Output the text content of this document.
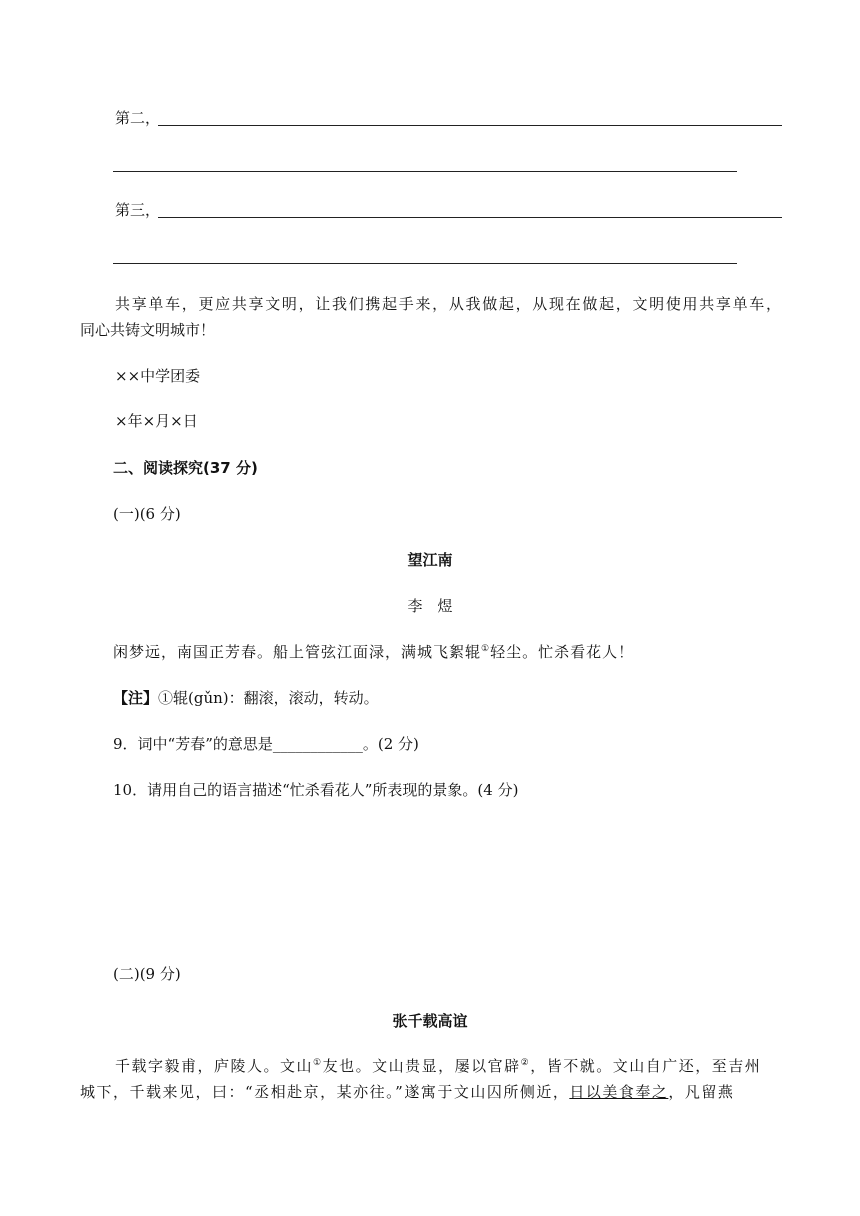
第二，
第三，
共享单车，更应共享文明，让我们携起手来，从我做起，从现在做起，文明使用共享单车，
同心共铸文明城市！
××中学团委
×年×月×日
二、阅读探究(37 分)
(一)(6 分)
望江南
李　煜
闲梦远，南国正芳春。船上管弦江面渌，满城飞絮辊①轻尘。忙杀看花人！
【注】①辊(gǔn)：翻滚，滚动，转动。
9．词中“芳春”的意思是____________。(2 分)
10．请用自己的语言描述“忙杀看花人”所表现的景象。(4 分)
(二)(9 分)
张千载高谊
千载字毅甫，庐陵人。文山①友也。文山贵显，屡以官辟②，皆不就。文山自广还，至吉州
城下，千载来见，曰：“丞相赴京，某亦往。”遂寓于文山囚所侧近，日以美食奉之，凡留燕
